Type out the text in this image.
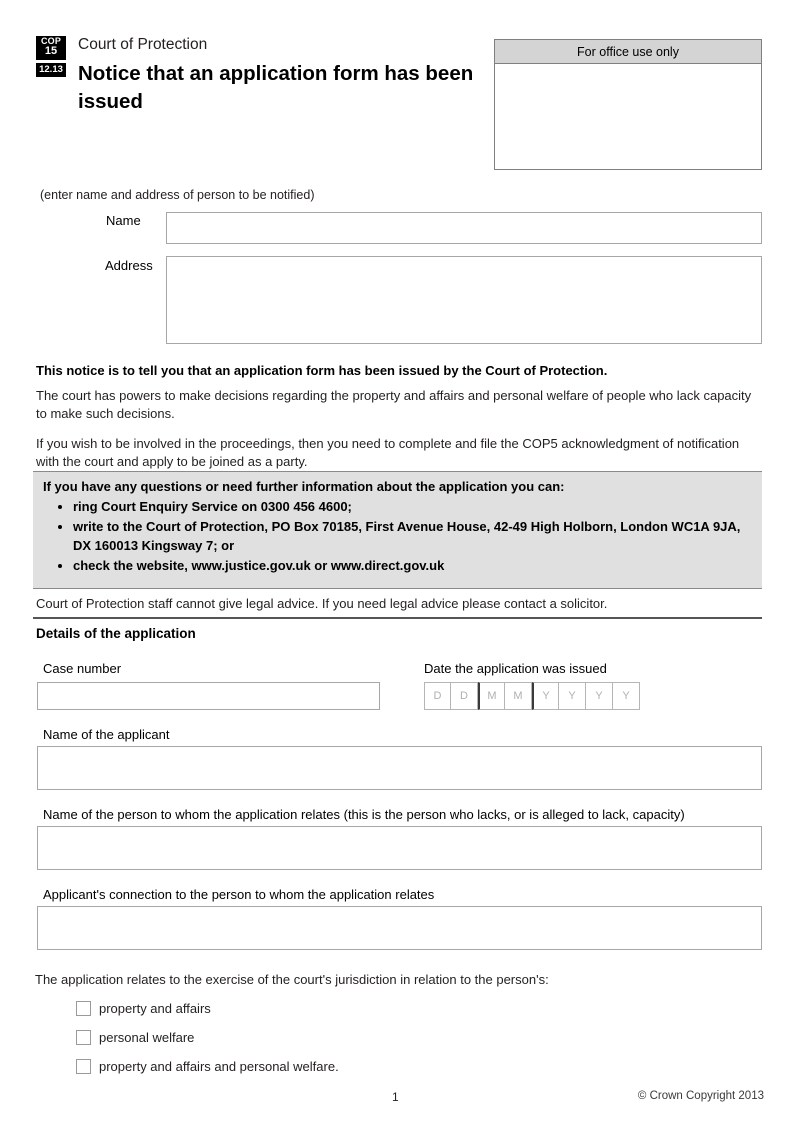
COP
15
12.13
Court of Protection
Notice that an application form has been issued
For office use only
(enter name and address of person to be notified)
Name
Address
This notice is to tell you that an application form has been issued by the Court of Protection.
The court has powers to make decisions regarding the property and affairs and personal welfare of people who lack capacity to make such decisions.
If you wish to be involved in the proceedings, then you need to complete and file the COP5 acknowledgment of notification with the court and apply to be joined as a party.

If you have any questions or need further information about the application you can:

• ring Court Enquiry Service on 0300 456 4600;
• write to the Court of Protection, PO Box 70185, First Avenue House, 42-49 High Holborn, London WC1A 9JA, DX 160013 Kingsway 7; or
• check the website, www.justice.gov.uk or www.direct.gov.uk
Court of Protection staff cannot give legal advice. If you need legal advice please contact a solicitor.
Details of the application
Case number	Date the application was issued
D	D	M	M	Y	Y	Y	Y
Name of the applicant
Name of the person to whom the application relates (this is the person who lacks, or is alleged to lack, capacity)
Applicant's connection to the person to whom the application relates
The application relates to the exercise of the court's jurisdiction in relation to the person's:
property and affairs
personal welfare
property and affairs and personal welfare.
1	© Crown Copyright 2013
